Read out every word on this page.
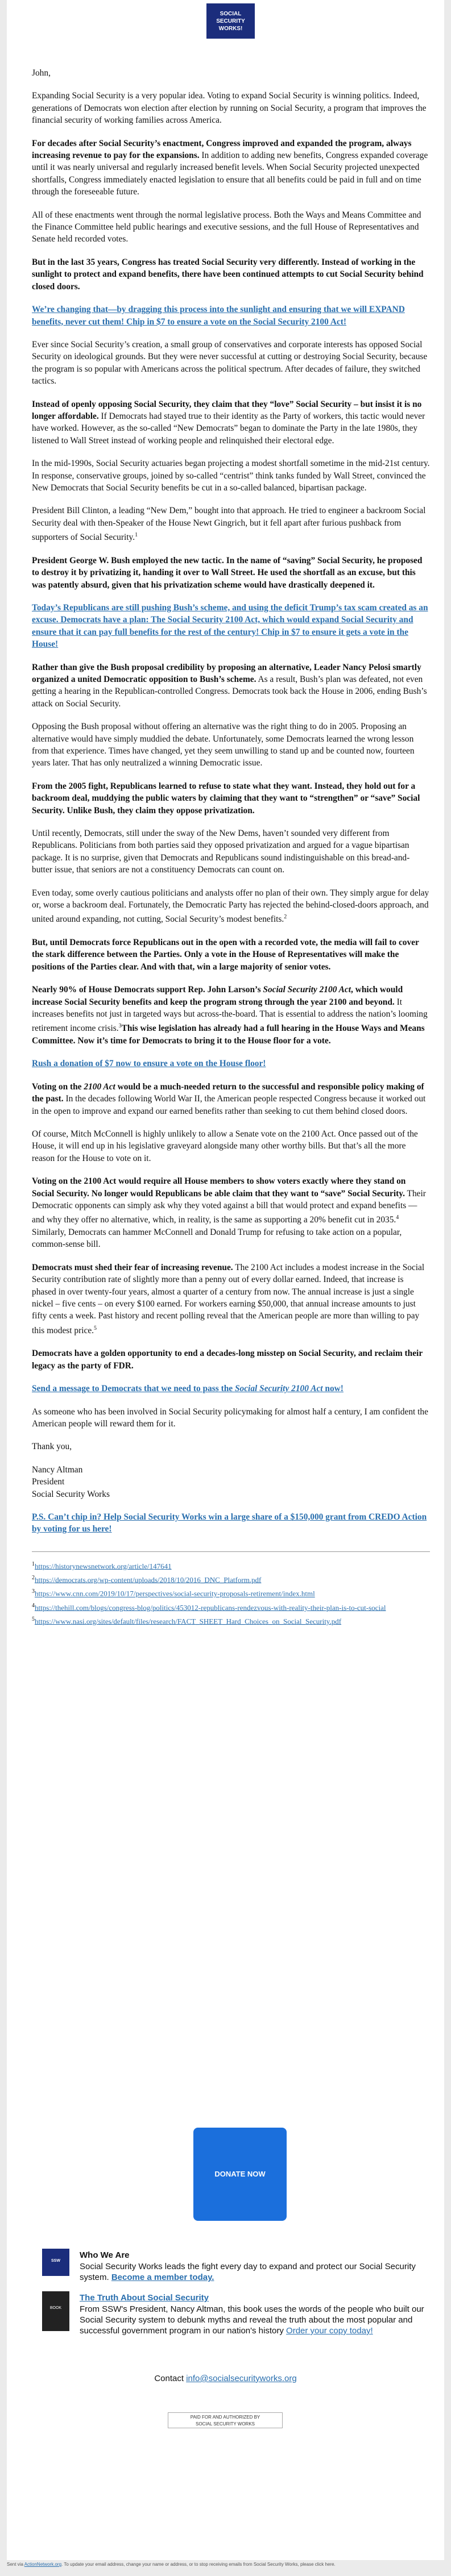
SOCIAL
SECURITY
WORKS!

John,

Expanding Social Security is a very popular idea. Voting to expand Social Security is winning politics. Indeed, generations of Democrats won election after election by running on Social Security, a program that improves the financial security of working families across America.

For decades after Social Security’s enactment, Congress improved and expanded the program, always increasing revenue to pay for the expansions. In addition to adding new benefits, Congress expanded coverage until it was nearly universal and regularly increased benefit levels. When Social Security projected unexpected shortfalls, Congress immediately enacted legislation to ensure that all benefits could be paid in full and on time through the foreseeable future.

All of these enactments went through the normal legislative process. Both the Ways and Means Committee and the Finance Committee held public hearings and executive sessions, and the full House of Representatives and Senate held recorded votes.

But in the last 35 years, Congress has treated Social Security very differently. Instead of working in the sunlight to protect and expand benefits, there have been continued attempts to cut Social Security behind closed doors.

We’re changing that—by dragging this process into the sunlight and ensuring that we will EXPAND benefits, never cut them! Chip in $7 to ensure a vote on the Social Security 2100 Act!

Ever since Social Security’s creation, a small group of conservatives and corporate interests has opposed Social Security on ideological grounds. But they were never successful at cutting or destroying Social Security, because the program is so popular with Americans across the political spectrum. After decades of failure, they switched tactics.

Instead of openly opposing Social Security, they claim that they “love” Social Security – but insist it is no longer affordable. If Democrats had stayed true to their identity as the Party of workers, this tactic would never have worked. However, as the so-called “New Democrats” began to dominate the Party in the late 1980s, they listened to Wall Street instead of working people and relinquished their electoral edge.

In the mid-1990s, Social Security actuaries began projecting a modest shortfall sometime in the mid-21st century. In response, conservative groups, joined by so-called “centrist” think tanks funded by Wall Street, convinced the New Democrats that Social Security benefits be cut in a so-called balanced, bipartisan package.

President Bill Clinton, a leading “New Dem,” bought into that approach. He tried to engineer a backroom Social Security deal with then-Speaker of the House Newt Gingrich, but it fell apart after furious pushback from supporters of Social Security.$^1$

President George W. Bush employed the new tactic. In the name of “saving” Social Security, he proposed to destroy it by privatizing it, handing it over to Wall Street. He used the shortfall as an excuse, but this was patently absurd, given that his privatization scheme would have drastically deepened it.

Today’s Republicans are still pushing Bush’s scheme, and using the deficit Trump’s tax scam created as an excuse. Democrats have a plan: The Social Security 2100 Act, which would expand Social Security and ensure that it can pay full benefits for the rest of the century! Chip in $7 to ensure it gets a vote in the House!

Rather than give the Bush proposal credibility by proposing an alternative, Leader Nancy Pelosi smartly organized a united Democratic opposition to Bush’s scheme. As a result, Bush’s plan was defeated, not even getting a hearing in the Republican-controlled Congress. Democrats took back the House in 2006, ending Bush’s attack on Social Security.

Opposing the Bush proposal without offering an alternative was the right thing to do in 2005. Proposing an alternative would have simply muddied the debate. Unfortunately, some Democrats learned the wrong lesson from that experience. Times have changed, yet they seem unwilling to stand up and be counted now, fourteen years later. That has only neutralized a winning Democratic issue.

From the 2005 fight, Republicans learned to refuse to state what they want. Instead, they hold out for a backroom deal, muddying the public waters by claiming that they want to “strengthen” or “save” Social Security. Unlike Bush, they claim they oppose privatization.

Until recently, Democrats, still under the sway of the New Dems, haven’t sounded very different from Republicans. Politicians from both parties said they opposed privatization and argued for a vague bipartisan package. It is no surprise, given that Democrats and Republicans sound indistinguishable on this bread-and-butter issue, that seniors are not a constituency Democrats can count on.

Even today, some overly cautious politicians and analysts offer no plan of their own. They simply argue for delay or, worse a backroom deal. Fortunately, the Democratic Party has rejected the behind-closed-doors approach, and united around expanding, not cutting, Social Security’s modest benefits.$^2$

But, until Democrats force Republicans out in the open with a recorded vote, the media will fail to cover the stark difference between the Parties. Only a vote in the House of Representatives will make the positions of the Parties clear. And with that, win a large majority of senior votes.

Nearly 90% of House Democrats support Rep. John Larson’s Social Security 2100 Act, which would increase Social Security benefits and keep the program strong through the year 2100 and beyond. It increases benefits not just in targeted ways but across-the-board. That is essential to address the nation’s looming retirement income crisis.$^3$This wise legislation has already had a full hearing in the House Ways and Means Committee. Now it’s time for Democrats to bring it to the House floor for a vote.

Rush a donation of $7 now to ensure a vote on the House floor!

Voting on the 2100 Act would be a much-needed return to the successful and responsible policy making of the past. In the decades following World War II, the American people respected Congress because it worked out in the open to improve and expand our earned benefits rather than seeking to cut them behind closed doors.

Of course, Mitch McConnell is highly unlikely to allow a Senate vote on the 2100 Act. Once passed out of the House, it will end up in his legislative graveyard alongside many other worthy bills. But that’s all the more reason for the House to vote on it.

Voting on the 2100 Act would require all House members to show voters exactly where they stand on Social Security. No longer would Republicans be able claim that they want to “save” Social Security. Their Democratic opponents can simply ask why they voted against a bill that would protect and expand benefits — and why they offer no alternative, which, in reality, is the same as supporting a 20% benefit cut in 2035.$^4$ Similarly, Democrats can hammer McConnell and Donald Trump for refusing to take action on a popular, common-sense bill.

Democrats must shed their fear of increasing revenue. The 2100 Act includes a modest increase in the Social Security contribution rate of slightly more than a penny out of every dollar earned. Indeed, that increase is phased in over twenty-four years, almost a quarter of a century from now. The annual increase is just a single nickel – five cents – on every $100 earned. For workers earning $50,000, that annual increase amounts to just fifty cents a week. Past history and recent polling reveal that the American people are more than willing to pay this modest price.$^5$

Democrats have a golden opportunity to end a decades-long misstep on Social Security, and reclaim their legacy as the party of FDR.

Send a message to Democrats that we need to pass the Social Security 2100 Act now!

As someone who has been involved in Social Security policymaking for almost half a century, I am confident the American people will reward them for it.

Thank you,

Nancy Altman

President

Social Security Works

P.S. Can’t chip in? Help Social Security Works win a large share of a $150,000 grant from CREDO Action by voting for us here!

$^1$https://historynewsnetwork.org/article/147641
$^2$https://democrats.org/wp-content/uploads/2018/10/2016_DNC_Platform.pdf
$^3$https://www.cnn.com/2019/10/17/perspectives/social-security-proposals-retirement/index.html
$^4$https://thehill.com/blogs/congress-blog/politics/453012-republicans-rendezvous-with-reality-their-plan-is-to-cut-social
$^5$https://www.nasi.org/sites/default/files/research/FACT_SHEET_Hard_Choices_on_Social_Security.pdf
DONATE NOW
SSW
Who We Are
Social Security Works leads the fight every day to expand and protect our Social Security system. Become a member today.
BOOK
The Truth About Social Security
From SSW's President, Nancy Altman, this book uses the words of the people who built our Social Security system to debunk myths and reveal the truth about the most popular and successful government program in our nation's history Order your copy today!
Contact info@socialsecurityworks.org
PAID FOR AND AUTHORIZED BY
SOCIAL SECURITY WORKS
Sent via ActionNetwork.org. To update your email address, change your name or address, or to stop receiving emails from Social Security Works, please click here.
